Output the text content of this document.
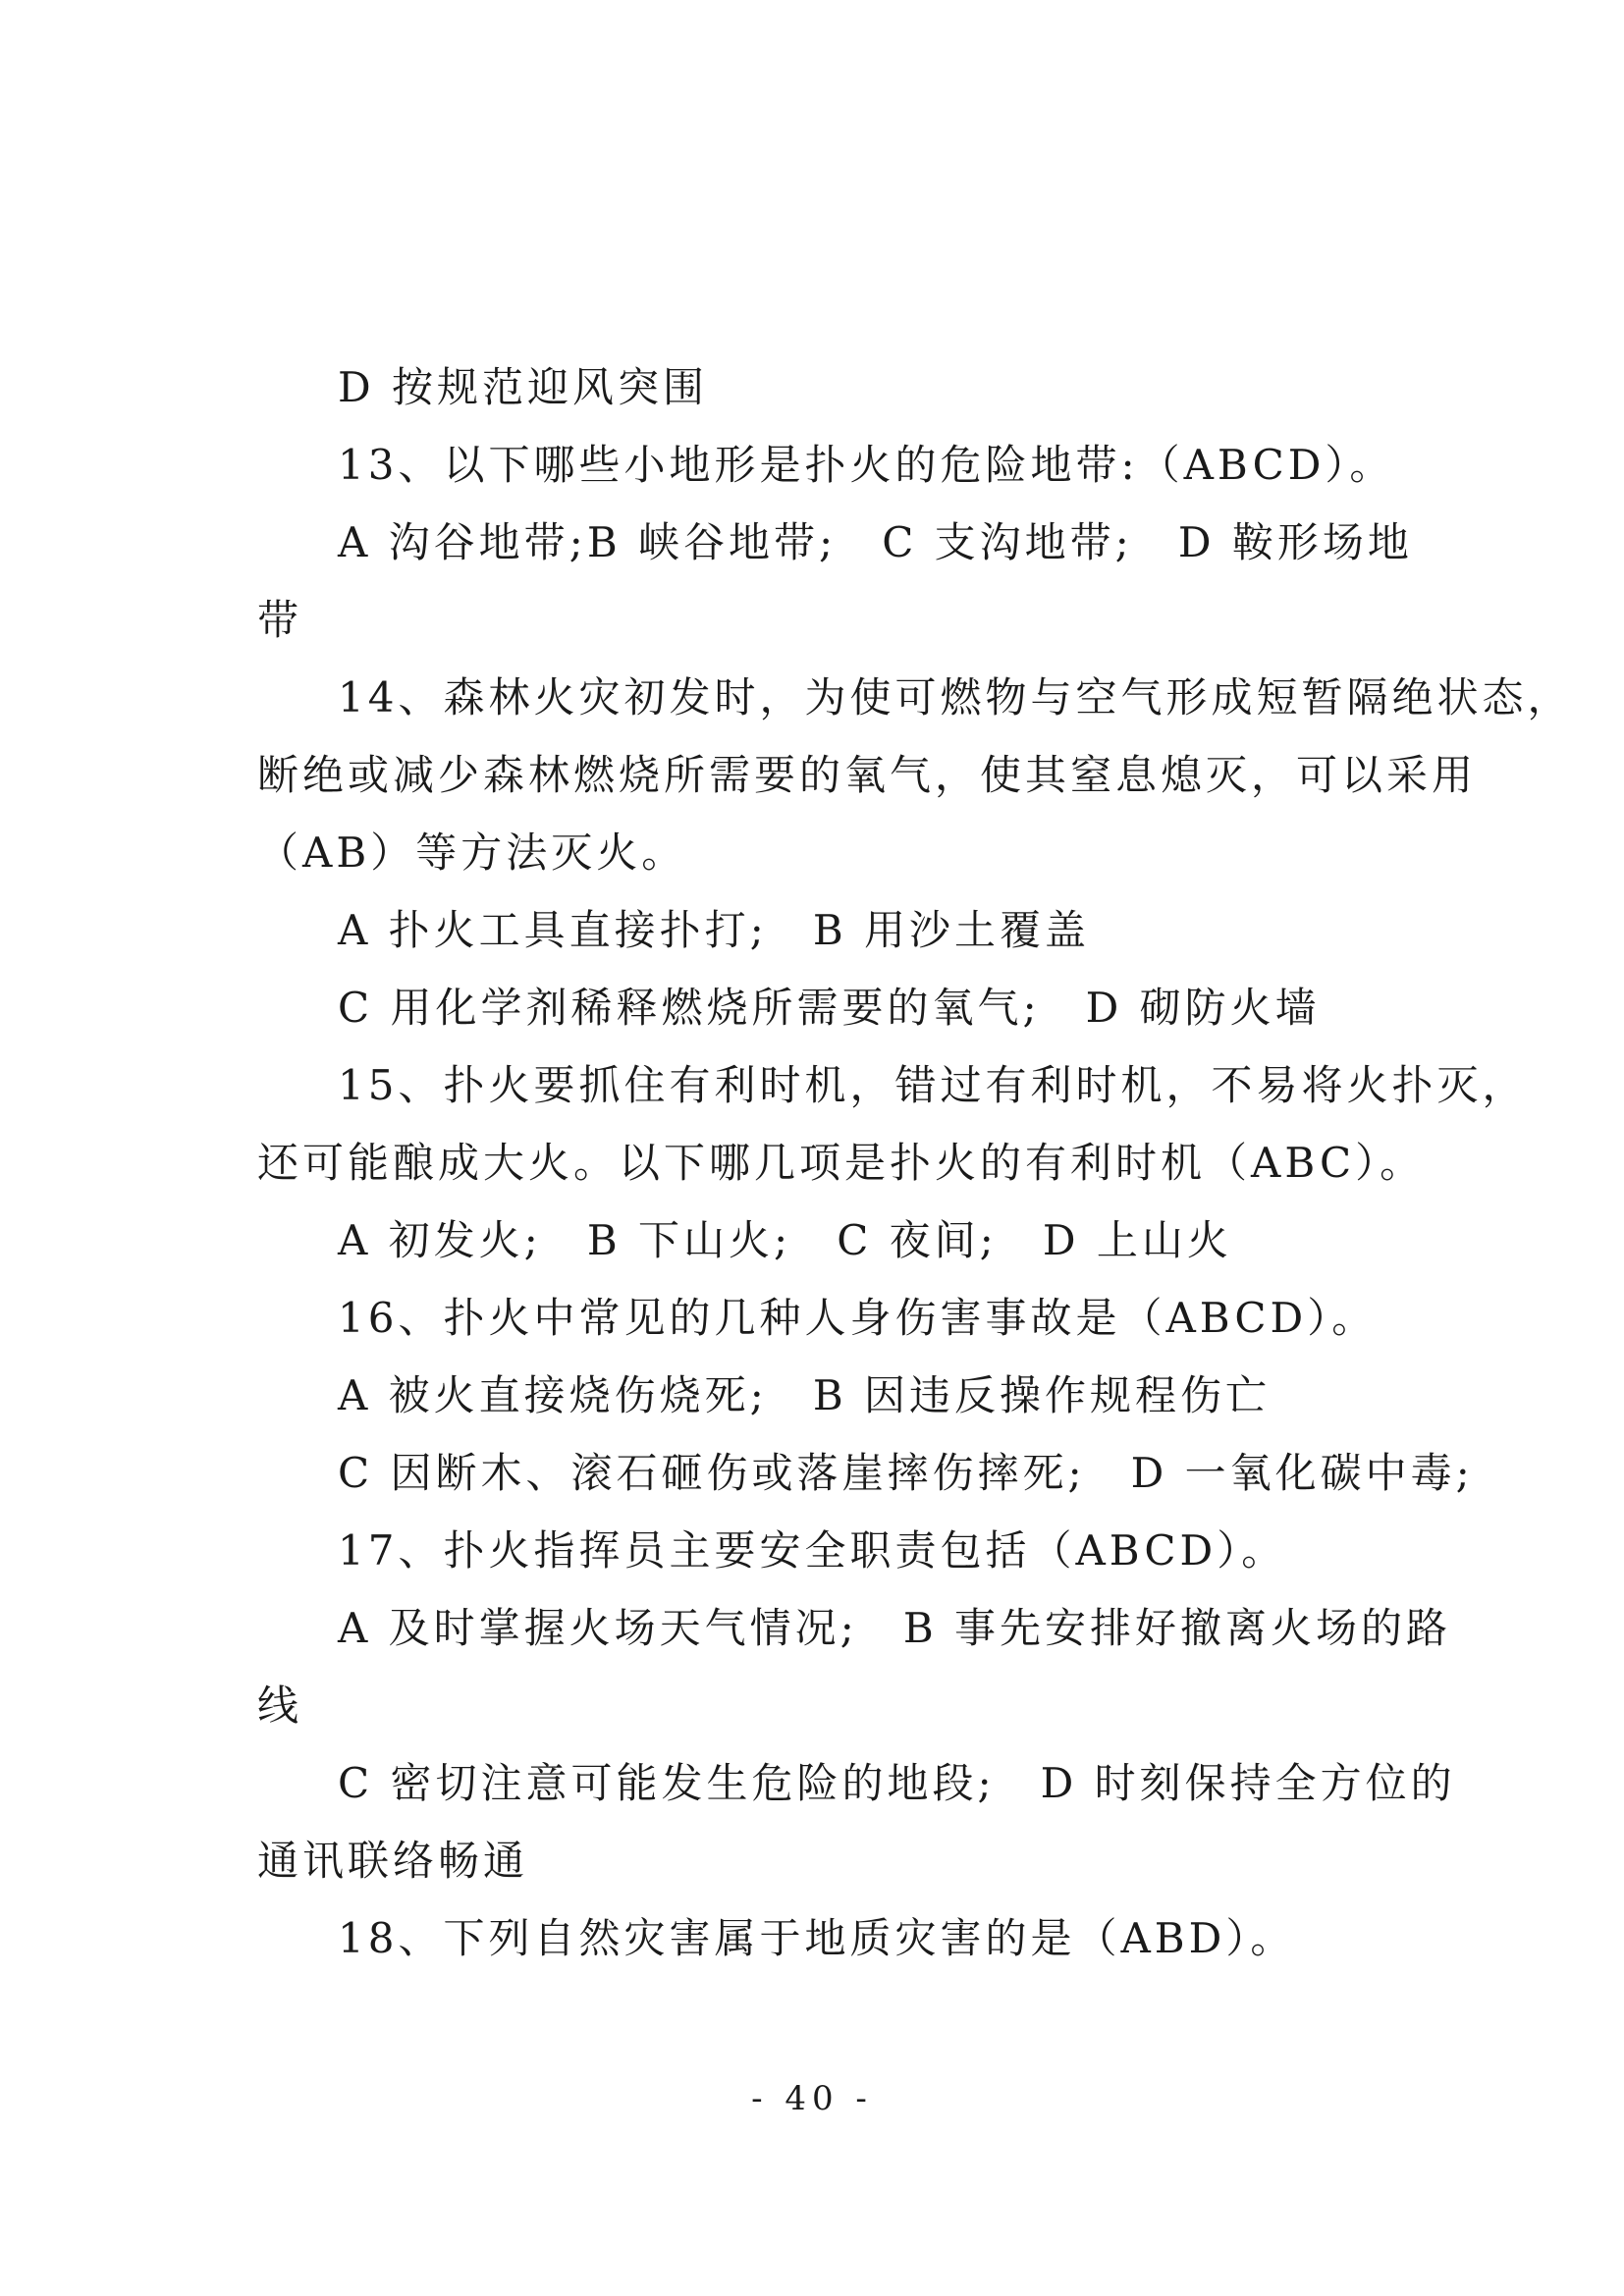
D 按规范迎风突围
13、以下哪些小地形是扑火的危险地带:（ABCD）。
A 沟谷地带;B 峡谷地带;　C 支沟地带;　D 鞍形场地
带
14、森林火灾初发时，为使可燃物与空气形成短暂隔绝状态，
断绝或减少森林燃烧所需要的氧气，使其窒息熄灭，可以采用
（AB）等方法灭火。
A 扑火工具直接扑打;　B 用沙土覆盖
C 用化学剂稀释燃烧所需要的氧气;　D 砌防火墙
15、扑火要抓住有利时机，错过有利时机，不易将火扑灭，
还可能酿成大火。以下哪几项是扑火的有利时机（ABC）。
A 初发火;　B 下山火;　C 夜间;　D 上山火
16、扑火中常见的几种人身伤害事故是（ABCD）。
A 被火直接烧伤烧死;　B 因违反操作规程伤亡
C 因断木、滚石砸伤或落崖摔伤摔死;　D 一氧化碳中毒;
17、扑火指挥员主要安全职责包括（ABCD）。
A 及时掌握火场天气情况;　B 事先安排好撤离火场的路
线
C 密切注意可能发生危险的地段;　D 时刻保持全方位的
通讯联络畅通
18、下列自然灾害属于地质灾害的是（ABD）。
- 40 -
